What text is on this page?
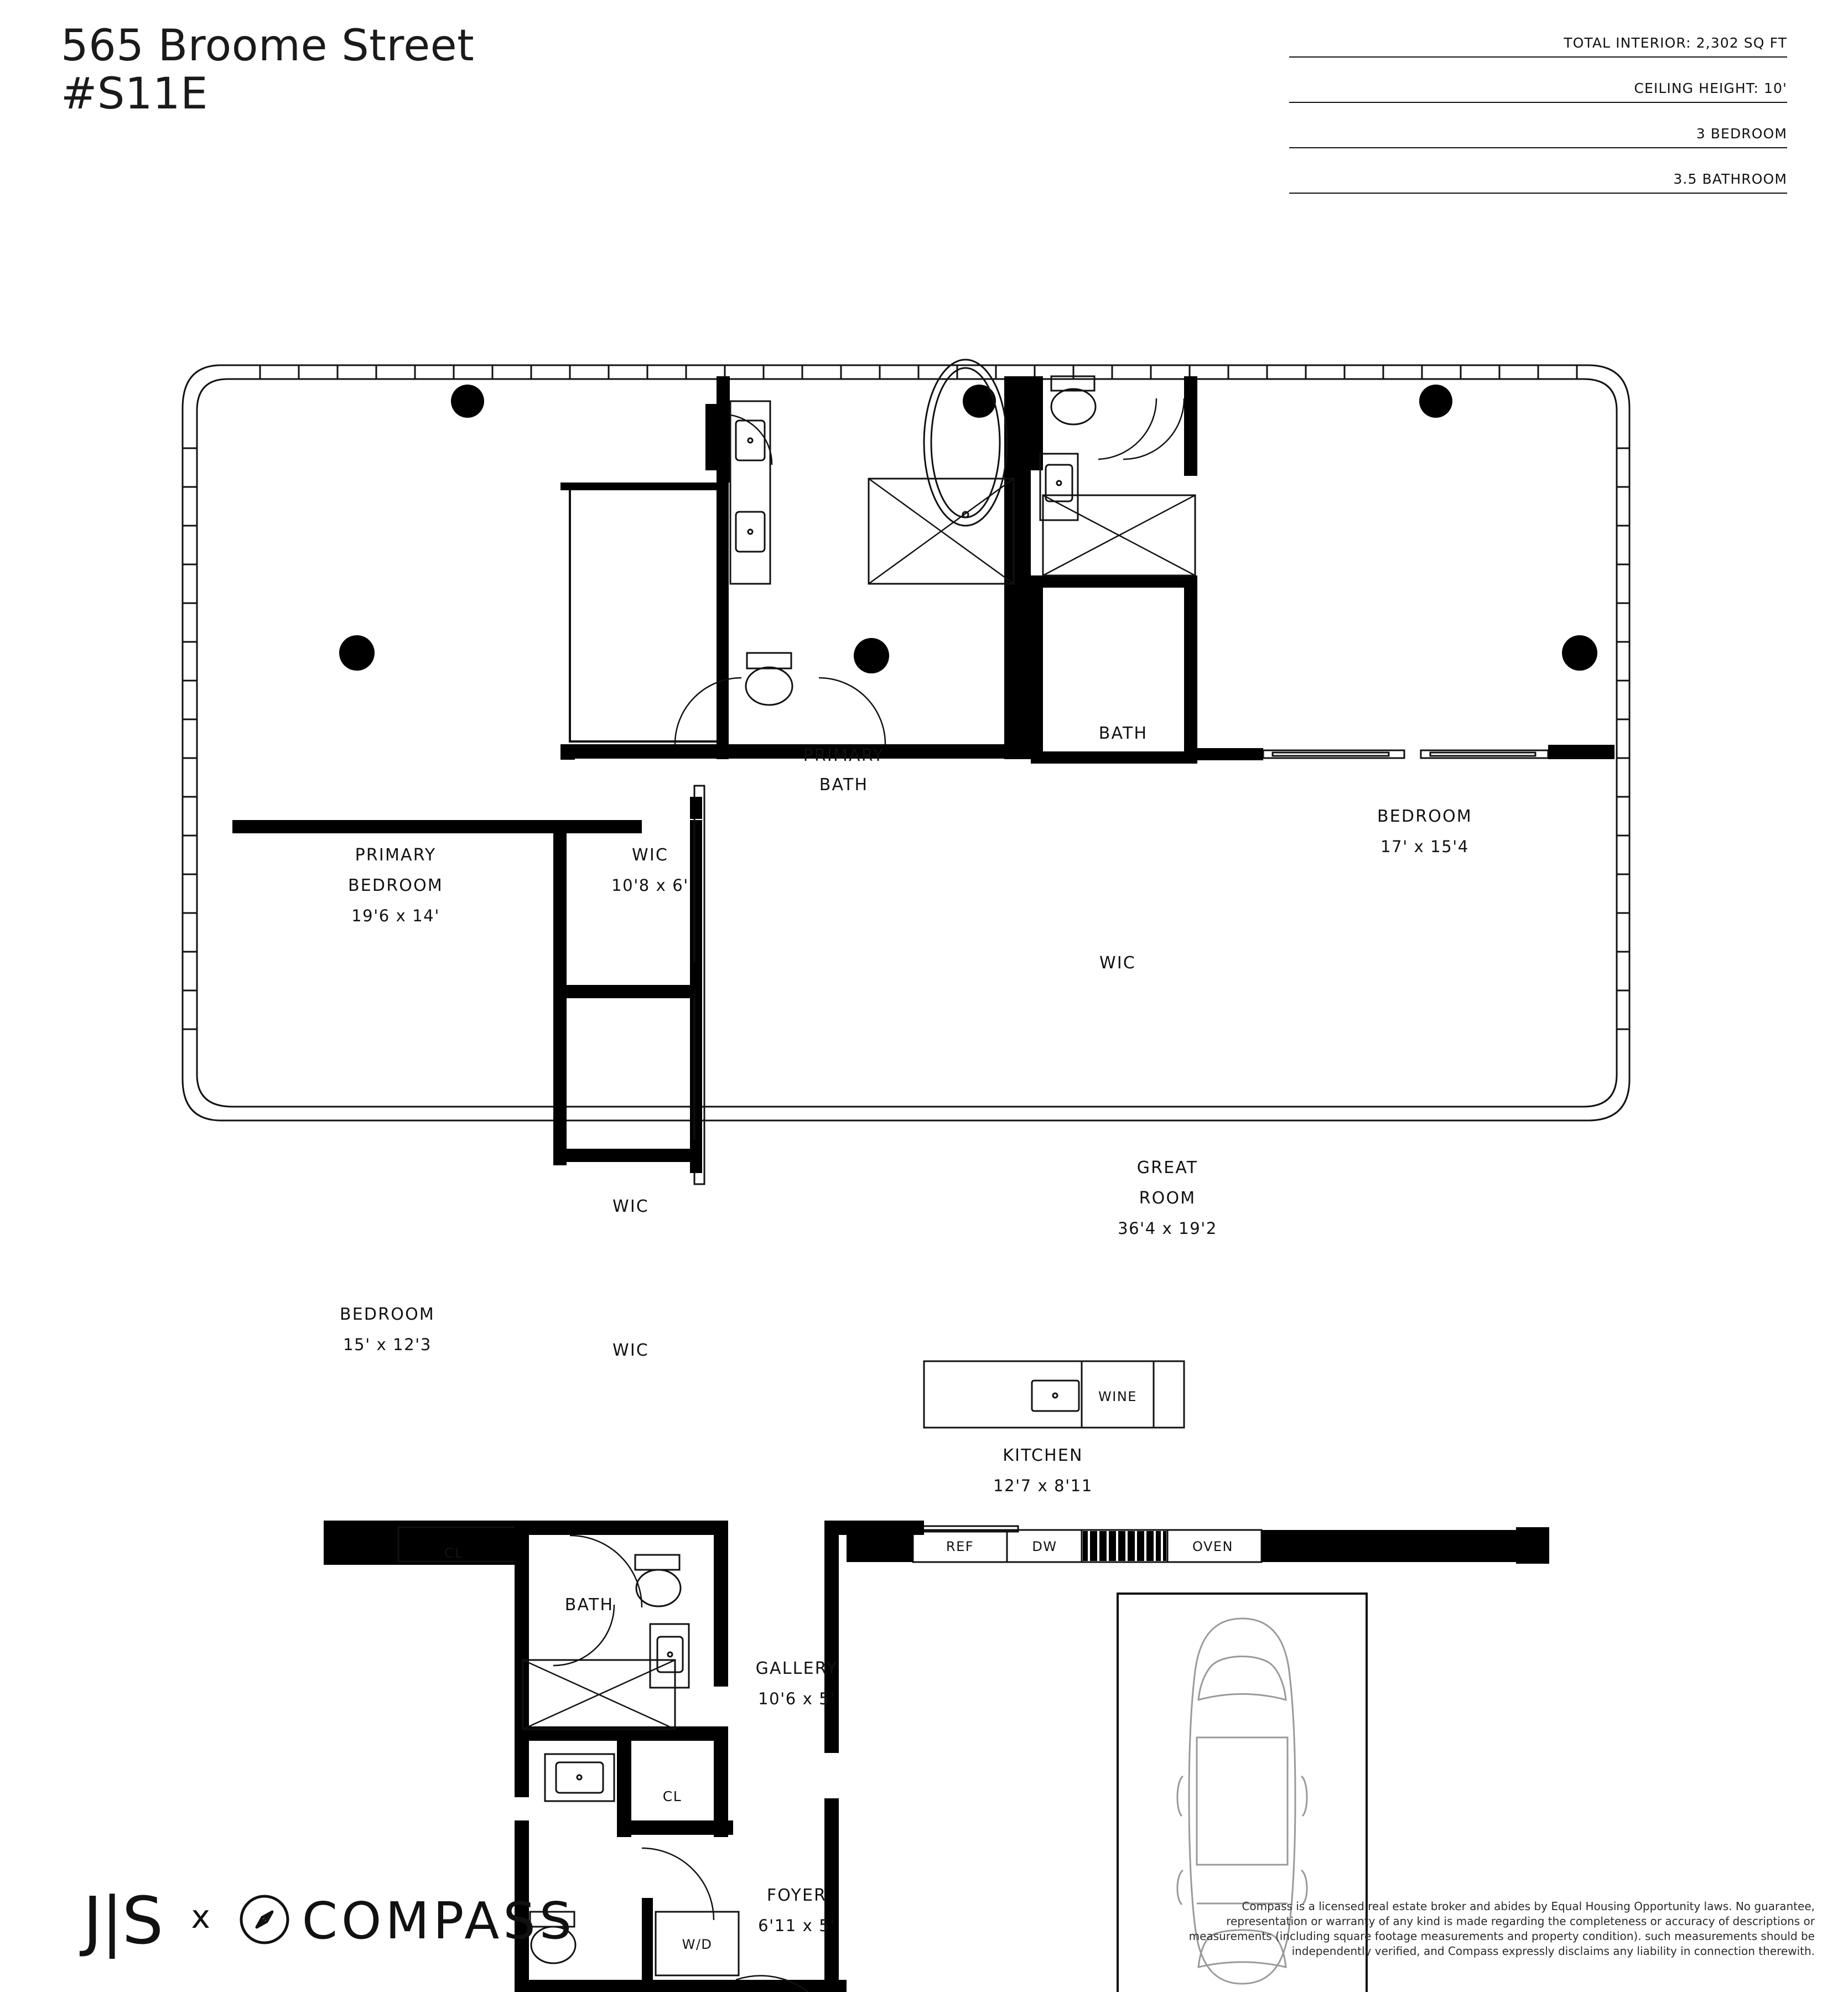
565 Broome Street
#S11E
TOTAL INTERIOR: 2,302 SQ FT
CEILING HEIGHT: 10'
3 BEDROOM
3.5 BATHROOM
WINE
REF	DW	OVEN
W/D
PRIMARY
BEDROOM
19'6 x 14'
PRIMARY
BATH
WIC
10'8 x 6'
BATH
WIC
BEDROOM
17' x 15'4
GREAT
ROOM
36'4 x 19'2
WIC
WIC
BEDROOM
15' x 12'3
KITCHEN
12'7 x 8'11
BATH
GALLERY
10'6 x 5'
FOYER
6'11 x 5'
CL
CL
J|S x COMPASS	Compass is a licensed real estate broker and abides by Equal Housing Opportunity laws. No guarantee, representation or warranty of any kind is made regarding the completeness or accuracy of descriptions or measurements (including square footage measurements and property condition). such measurements should be independently verified, and Compass expressly disclaims any liability in connection therewith.
